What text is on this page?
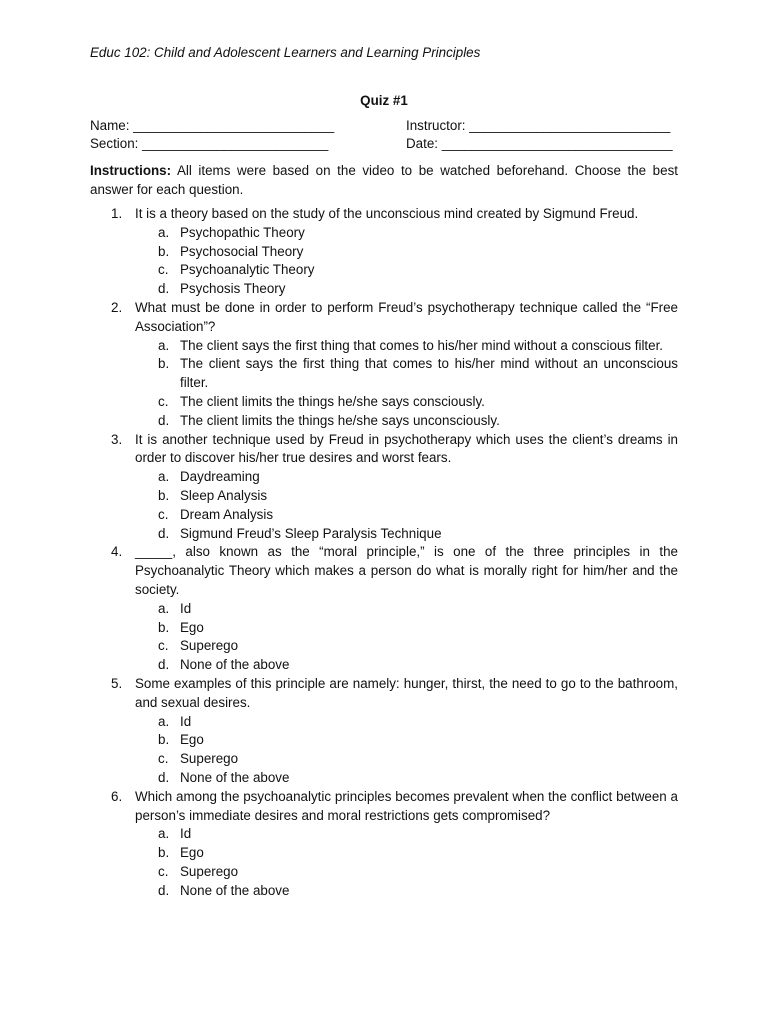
Educ 102: Child and Adolescent Learners and Learning Principles
Quiz #1
Name: ___________________________	Instructor: ___________________________
Section: _________________________	Date: _______________________________
Instructions: All items were based on the video to be watched beforehand. Choose the best answer for each question.
1. It is a theory based on the study of the unconscious mind created by Sigmund Freud.
a. Psychopathic Theory
b. Psychosocial Theory
c. Psychoanalytic Theory
d. Psychosis Theory
2. What must be done in order to perform Freud’s psychotherapy technique called the “Free Association”?
a. The client says the first thing that comes to his/her mind without a conscious filter.
b. The client says the first thing that comes to his/her mind without an unconscious filter.
c. The client limits the things he/she says consciously.
d. The client limits the things he/she says unconsciously.
3. It is another technique used by Freud in psychotherapy which uses the client’s dreams in order to discover his/her true desires and worst fears.
a. Daydreaming
b. Sleep Analysis
c. Dream Analysis
d. Sigmund Freud’s Sleep Paralysis Technique
4. _____, also known as the “moral principle,” is one of the three principles in the Psychoanalytic Theory which makes a person do what is morally right for him/her and the society.
a. Id
b. Ego
c. Superego
d. None of the above
5. Some examples of this principle are namely: hunger, thirst, the need to go to the bathroom, and sexual desires.
a. Id
b. Ego
c. Superego
d. None of the above
6. Which among the psychoanalytic principles becomes prevalent when the conflict between a person’s immediate desires and moral restrictions gets compromised?
a. Id
b. Ego
c. Superego
d. None of the above
